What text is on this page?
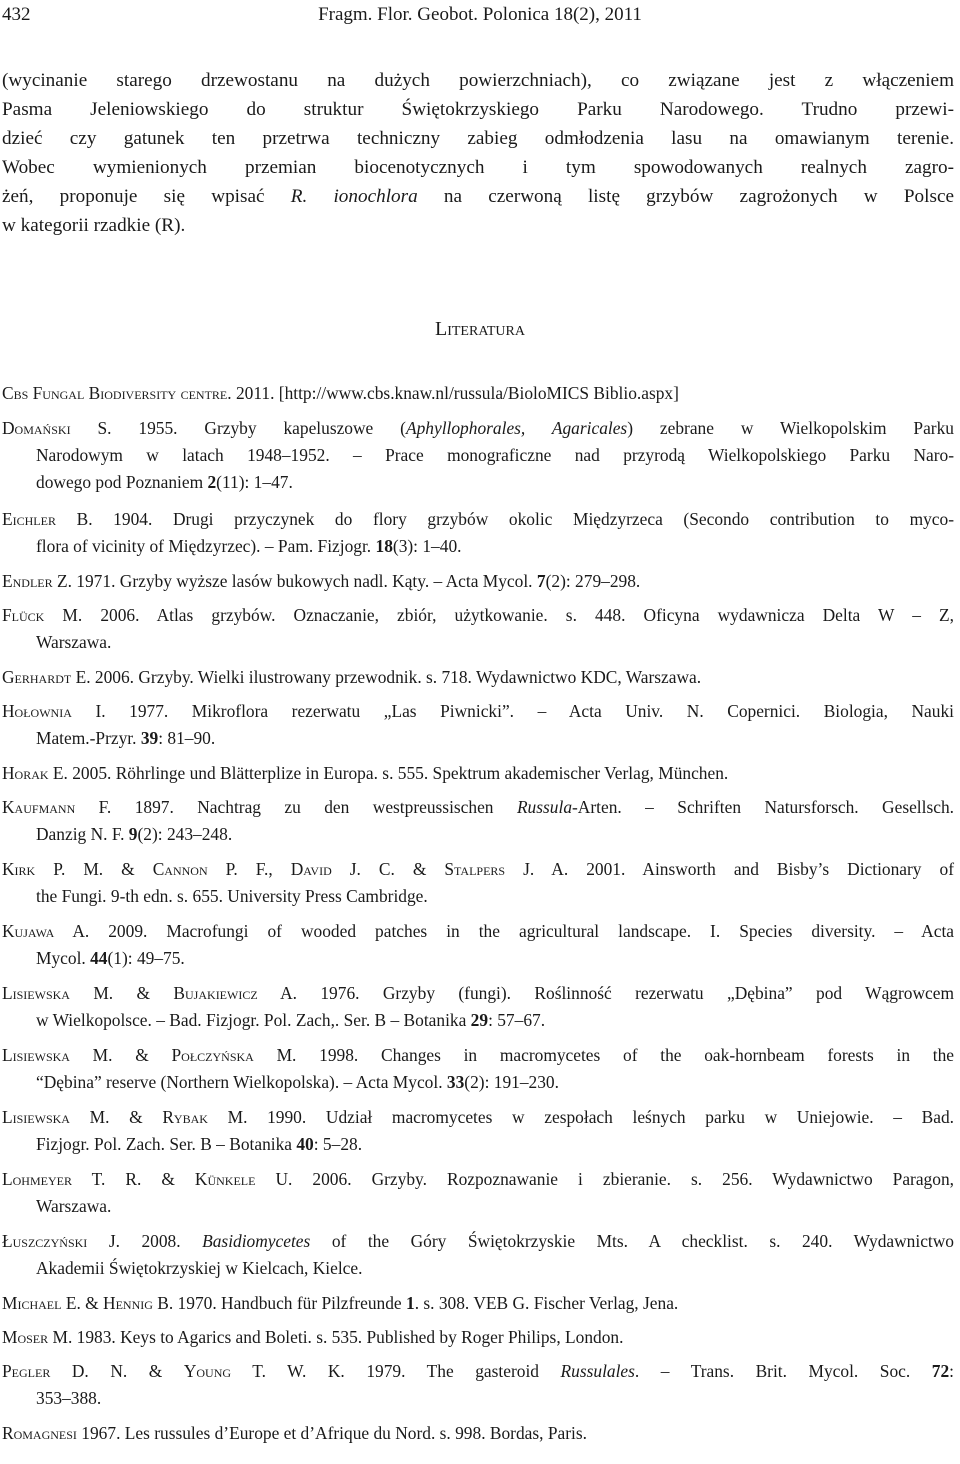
432	Fragm. Flor. Geobot. Polonica 18(2), 2011
(wycinanie starego drzewostanu na dużych powierzchniach), co związane jest z włączeniem
Pasma Jeleniowskiego do struktur Świętokrzyskiego Parku Narodowego. Trudno przewi-
dzieć czy gatunek ten przetrwa techniczny zabieg odmłodzenia lasu na omawianym terenie.
Wobec wymienionych przemian biocenotycznych i tym spowodowanych realnych zagro-
żeń, proponuje się wpisać R. ionochlora na czerwoną listę grzybów zagrożonych w Polsce
w kategorii rzadkie (R).
Literatura
Cbs Fungal Biodiversity centre. 2011. [http://www.cbs.knaw.nl/russula/BioloMICS Biblio.aspx]
Domański S. 1955. Grzyby kapeluszowe (Aphyllophorales, Agaricales) zebrane w Wielkopolskim Parku
Narodowym w latach 1948–1952. – Prace monograficzne nad przyrodą Wielkopolskiego Parku Naro-
dowego pod Poznaniem 2(11): 1–47.
Eichler B. 1904. Drugi przyczynek do flory grzybów okolic Międzyrzeca (Secondo contribution to myco-
flora of vicinity of Międzyrzec). – Pam. Fizjogr. 18(3): 1–40.
Endler Z. 1971. Grzyby wyższe lasów bukowych nadl. Kąty. – Acta Mycol. 7(2): 279–298.
Flück M. 2006. Atlas grzybów. Oznaczanie, zbiór, użytkowanie. s. 448. Oficyna wydawnicza Delta W – Z,
Warszawa.
Gerhardt E. 2006. Grzyby. Wielki ilustrowany przewodnik. s. 718. Wydawnictwo KDC, Warszawa.
Hołownia I. 1977. Mikroflora rezerwatu „Las Piwnicki”. – Acta Univ. N. Copernici. Biologia, Nauki
Matem.-Przyr. 39: 81–90.
Horak E. 2005. Röhrlinge und Blätterplize in Europa. s. 555. Spektrum akademischer Verlag, München.
Kaufmann F. 1897. Nachtrag zu den westpreussischen Russula-Arten. – Schriften Natursforsch. Gesellsch.
Danzig N. F. 9(2): 243–248.
Kirk P. M. & Cannon P. F., David J. C. & Stalpers J. A. 2001. Ainsworth and Bisby’s Dictionary of
the Fungi. 9-th edn. s. 655. University Press Cambridge.
Kujawa A. 2009. Macrofungi of wooded patches in the agricultural landscape. I. Species diversity. – Acta
Mycol. 44(1): 49–75.
Lisiewska M. & Bujakiewicz A. 1976. Grzyby (fungi). Roślinność rezerwatu „Dębina” pod Wągrowcem
w Wielkopolsce. – Bad. Fizjogr. Pol. Zach,. Ser. B – Botanika 29: 57–67.
Lisiewska M. & Połczyńska M. 1998. Changes in macromycetes of the oak-hornbeam forests in the
“Dębina” reserve (Northern Wielkopolska). – Acta Mycol. 33(2): 191–230.
Lisiewska M. & Rybak M. 1990. Udział macromycetes w zespołach leśnych parku w Uniejowie. – Bad.
Fizjogr. Pol. Zach. Ser. B – Botanika 40: 5–28.
Lohmeyer T. R. & Künkele U. 2006. Grzyby. Rozpoznawanie i zbieranie. s. 256. Wydawnictwo Paragon,
Warszawa.
Łuszczyński J. 2008. Basidiomycetes of the Góry Świętokrzyskie Mts. A checklist. s. 240. Wydawnictwo
Akademii Świętokrzyskiej w Kielcach, Kielce.
Michael E. & Hennig B. 1970. Handbuch für Pilzfreunde 1. s. 308. VEB G. Fischer Verlag, Jena.
Moser M. 1983. Keys to Agarics and Boleti. s. 535. Published by Roger Philips, London.
Pegler D. N. & Young T. W. K. 1979. The gasteroid Russulales. – Trans. Brit. Mycol. Soc. 72:
353–388.
Romagnesi 1967. Les russules d’Europe et d’Afrique du Nord. s. 998. Bordas, Paris.
